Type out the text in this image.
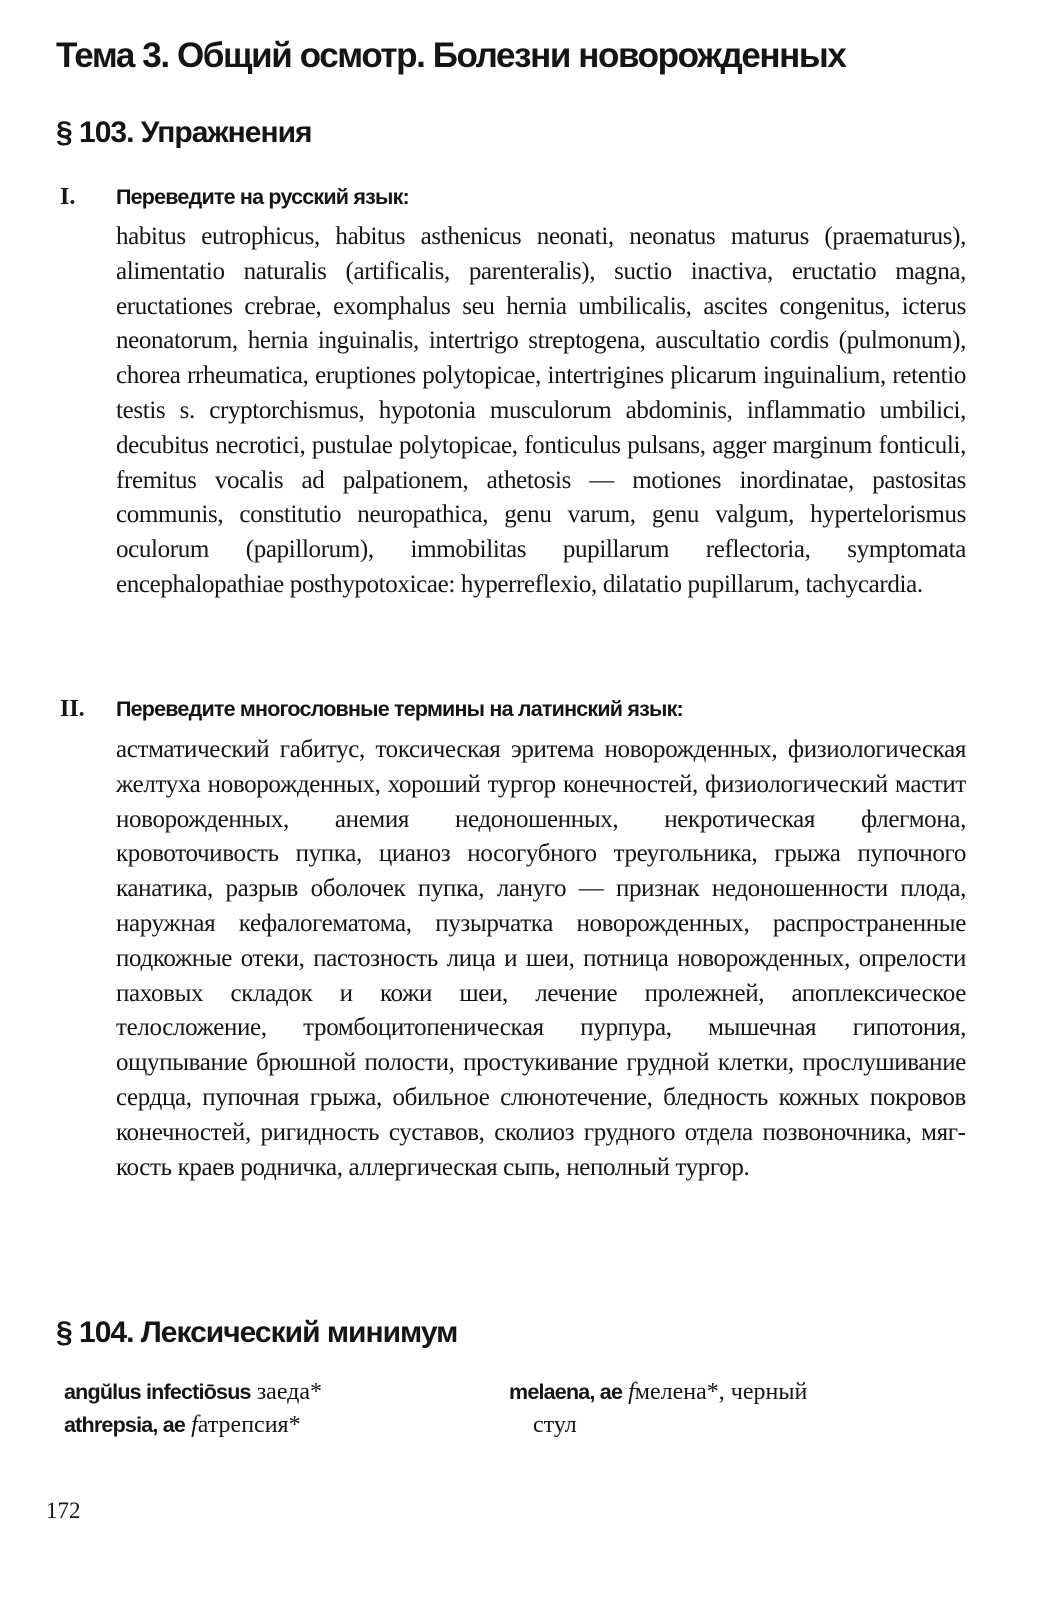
Тема 3. Общий осмотр. Болезни новорожденных
§ 103. Упражнения
I.	Переведите на русский язык:
habitus eutrophicus, habitus asthenicus neonati, neonatus maturus (praematurus), alimentatio naturalis (artificalis, parenteralis), suctio inactiva, eructatio magna, eructationes crebrae, exomphalus seu hernia umbilicalis, ascites congenitus, icterus neonatorum, hernia inguinalis, intertrigo streptogena, auscultatio cordis (pulmonum), chorea rrheumatica, eruptiones polytopicae, intertrigines plicarum inguinalium, retentio testis s. cryptorchismus, hypotonia musculorum abdominis, inflammatio umbilici, decubitus necrotici, pustulae polytopicae, fonticulus pulsans, agger marginum fonticuli, fremitus vocalis ad palpationem, athetosis — motiones inordinatae, pastositas communis, constitutio neuropathica, genu varum, genu valgum, hypertelorismus oculorum (papillorum), immobilitas pupillarum reflectoria, symptomata encephalopathiae posthypotoxicae: hyperreflexio, dilatatio pupillarum, tachycardia.
II.	Переведите многословные термины на латинский язык:
астматический габитус, токсическая эритема новорожденных, физиологическая желтуха новорожденных, хороший тургор конечностей, физиологический мастит новорожденных, анемия недоношенных, некротическая флегмона, кровоточивость пупка, цианоз носогубного треугольника, грыжа пупочного канатика, разрыв оболочек пупка, лануго — признак недоношенности плода, наружная кефалогематома, пузырчатка новорожденных, распространенные подкожные отеки, пастозность лица и шеи, потница новорожденных, опрелости паховых складок и кожи шеи, лечение пролежней, апоплексическое телосложение, тромбоцитопеническая пурпура, мышечная гипотония, ощупывание брюшной полости, простукивание грудной клетки, прослушивание сердца, пупочная грыжа, обильное слюнотечение, бледность кожных покровов конечностей, ригидность суставов, сколиоз грудного отдела позвоночника, мягкость краев родничка, аллергическая сыпь, неполный тургор.
§ 104. Лексический минимум
angŭlus infectiōsus заеда*
athrepsia, ae fатрепсия*
melaena, ae fмелена*, черный
стул
172
